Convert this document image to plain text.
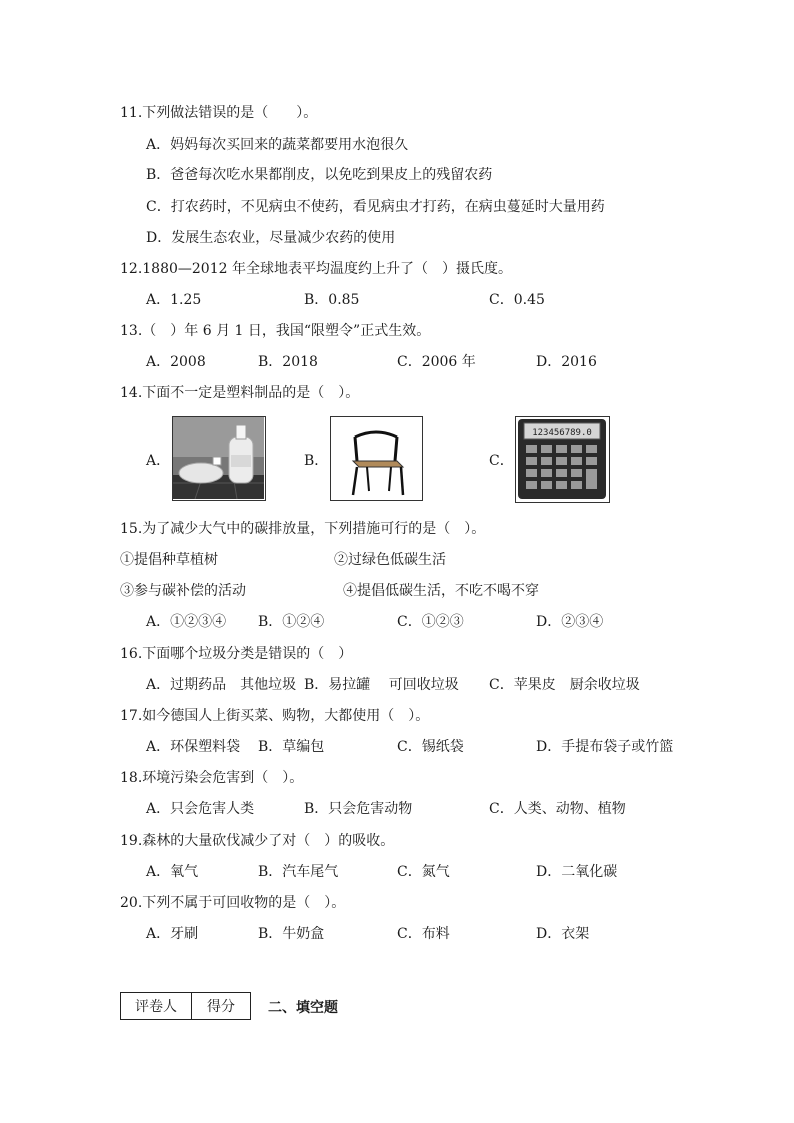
11.下列做法错误的是（　　）。
A．妈妈每次买回来的蔬菜都要用水泡很久
B．爸爸每次吃水果都削皮，以免吃到果皮上的残留农药
C．打农药时，不见病虫不使药，看见病虫才打药，在病虫蔓延时大量用药
D．发展生态农业，尽量减少农药的使用
12.1880—2012 年全球地表平均温度约上升了（　）摄氏度。
A．1.25	B．0.85	C．0.45
13.（　）年 6 月 1 日，我国“限塑令”正式生效。
A．2008	B．2018	C．2006 年	D．2016
14.下面不一定是塑料制品的是（　）。
A．	B．	C．
123456789.0
15.为了减少大气中的碳排放量，下列措施可行的是（　）。
①提倡种草植树	②过绿色低碳生活
③参与碳补偿的活动	④提倡低碳生活，不吃不喝不穿
A．①②③④ B．①②④	C．①②③	D．②③④
16.下面哪个垃圾分类是错误的（　）
A．过期药品　其他垃圾 B．易拉罐　 可回收垃圾 C．苹果皮　厨余收垃圾
17.如今德国人上街买菜、购物，大都使用（　）。
A．环保塑料袋 B．草编包	C．锡纸袋	D．手提布袋子或竹篮
18.环境污染会危害到（　）。
A．只会危害人类	B．只会危害动物	C．人类、动物、植物
19.森林的大量砍伐减少了对（　）的吸收。
A．氧气	B．汽车尾气	C．氮气	D．二氧化碳
20.下列不属于可回收物的是（　）。
A．牙刷	B．牛奶盒	C．布料	D．衣架
评卷人	得分	二、填空题
